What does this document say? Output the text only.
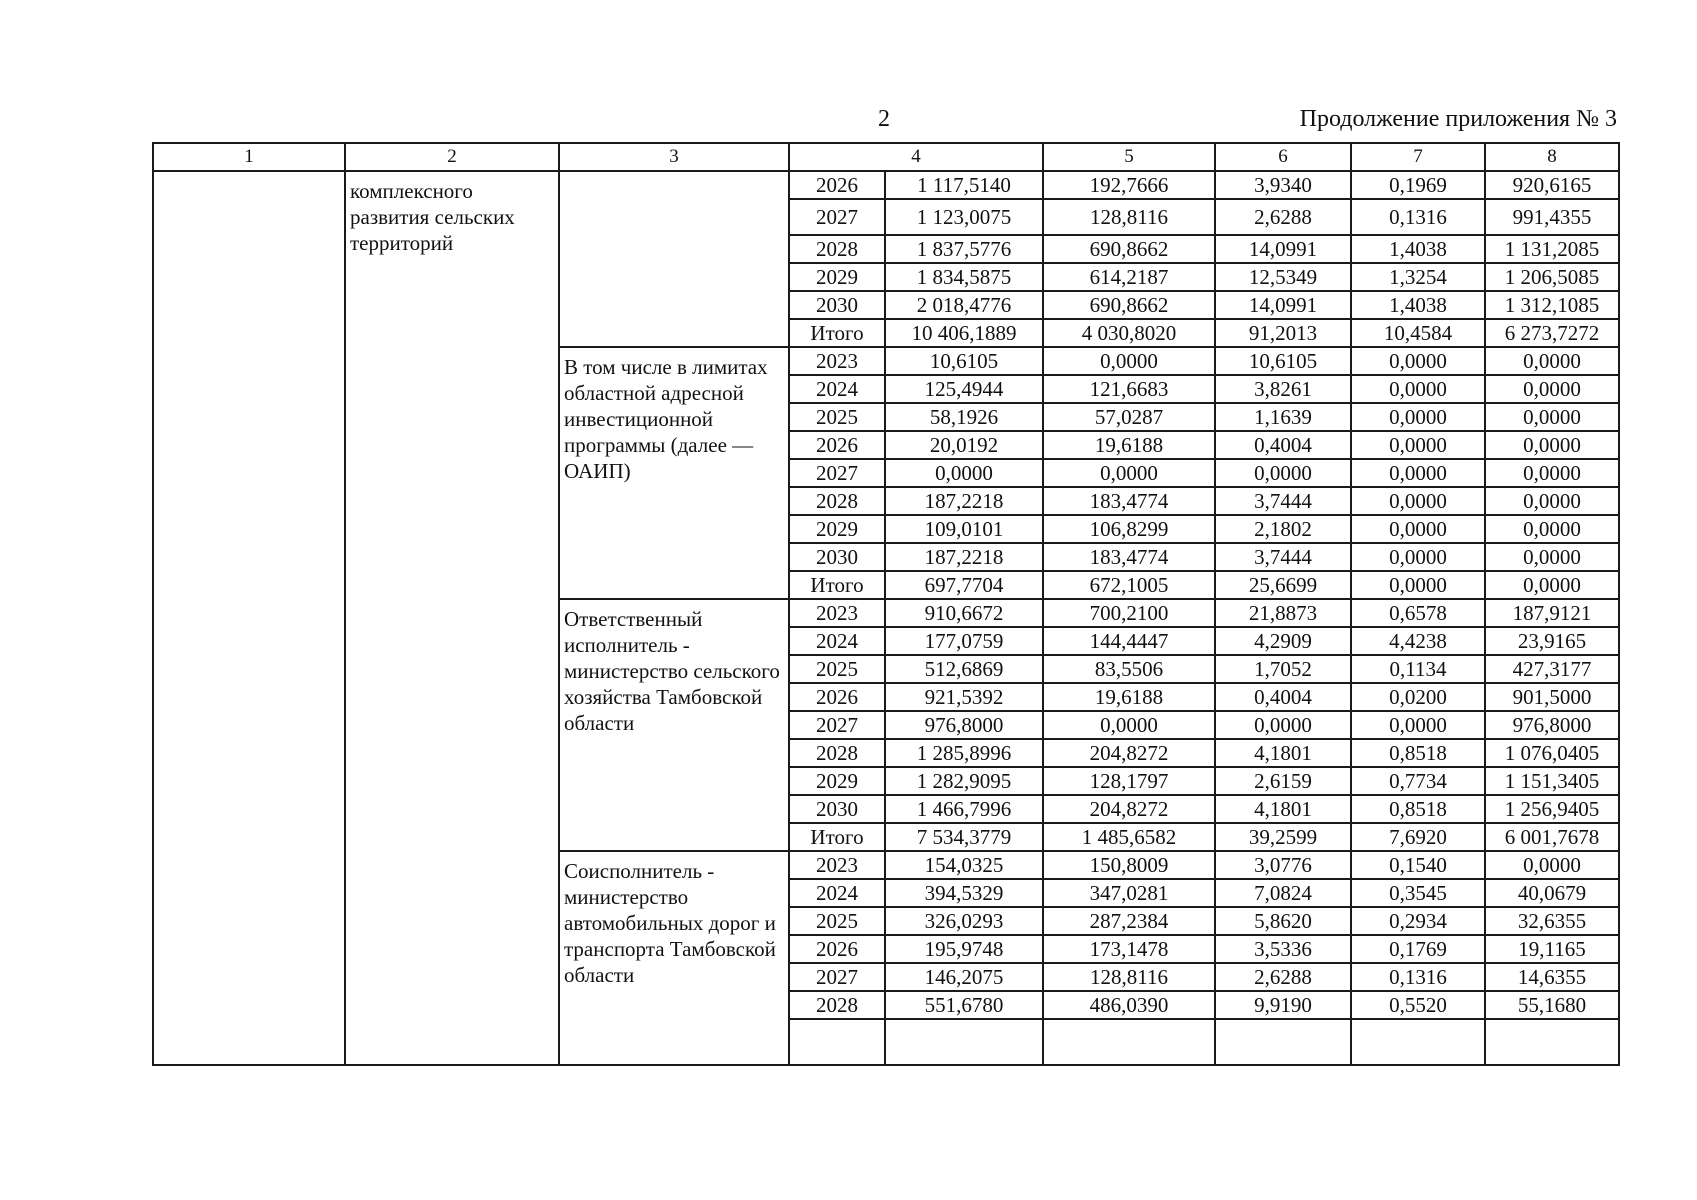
2	Продолжение приложения № 3
1	2	3	4		5	6	7	8
	комплексного развития сельских территорий		2026	1 117,5140	192,7666	3,9340	0,1969	920,6165
			2027	1 123,0075	128,8116	2,6288	0,1316	991,4355
			2028	1 837,5776	690,8662	14,0991	1,4038	1 131,2085
			2029	1 834,5875	614,2187	12,5349	1,3254	1 206,5085
			2030	2 018,4776	690,8662	14,0991	1,4038	1 312,1085
			Итого	10 406,1889	4 030,8020	91,2013	10,4584	6 273,7272
		В том числе в лимитах областной адресной инвестиционной программы (далее — ОАИП)	2023	10,6105	0,0000	10,6105	0,0000	0,0000
			2024	125,4944	121,6683	3,8261	0,0000	0,0000
			2025	58,1926	57,0287	1,1639	0,0000	0,0000
			2026	20,0192	19,6188	0,4004	0,0000	0,0000
			2027	0,0000	0,0000	0,0000	0,0000	0,0000
			2028	187,2218	183,4774	3,7444	0,0000	0,0000
			2029	109,0101	106,8299	2,1802	0,0000	0,0000
			2030	187,2218	183,4774	3,7444	0,0000	0,0000
			Итого	697,7704	672,1005	25,6699	0,0000	0,0000
		Ответственный исполнитель - министерство сельского хозяйства Тамбовской области	2023	910,6672	700,2100	21,8873	0,6578	187,9121
			2024	177,0759	144,4447	4,2909	4,4238	23,9165
			2025	512,6869	83,5506	1,7052	0,1134	427,3177
			2026	921,5392	19,6188	0,4004	0,0200	901,5000
			2027	976,8000	0,0000	0,0000	0,0000	976,8000
			2028	1 285,8996	204,8272	4,1801	0,8518	1 076,0405
			2029	1 282,9095	128,1797	2,6159	0,7734	1 151,3405
			2030	1 466,7996	204,8272	4,1801	0,8518	1 256,9405
			Итого	7 534,3779	1 485,6582	39,2599	7,6920	6 001,7678
		Соисполнитель - министерство автомобильных дорог и транспорта Тамбовской области	2023	154,0325	150,8009	3,0776	0,1540	0,0000
			2024	394,5329	347,0281	7,0824	0,3545	40,0679
			2025	326,0293	287,2384	5,8620	0,2934	32,6355
			2026	195,9748	173,1478	3,5336	0,1769	19,1165
			2027	146,2075	128,8116	2,6288	0,1316	14,6355
			2028	551,6780	486,0390	9,9190	0,5520	55,1680
